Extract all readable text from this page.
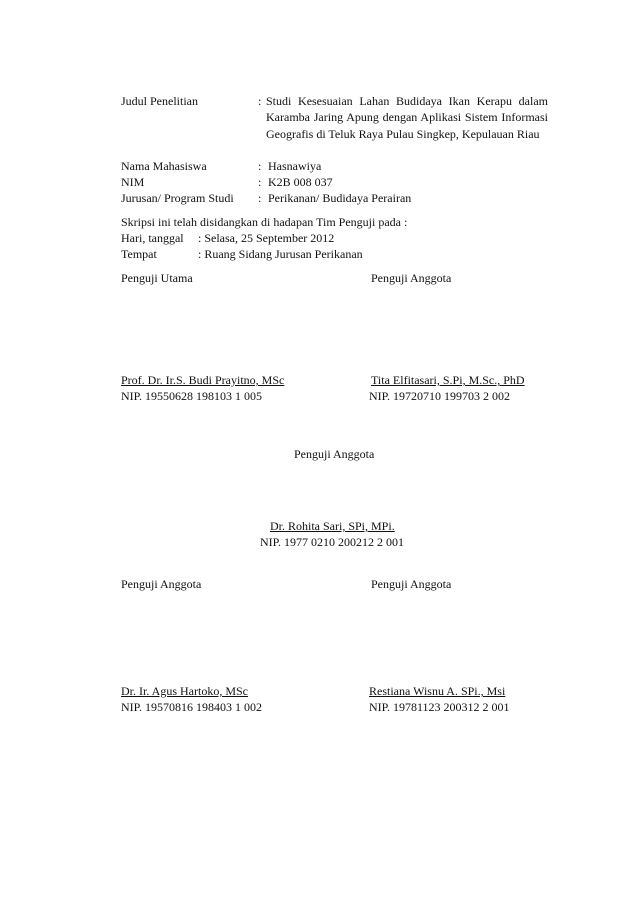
Judul Penelitian	: Studi Kesesuaian Lahan Budidaya Ikan Kerapu dalam Karamba Jaring Apung dengan Aplikasi Sistem Informasi Geografis di Teluk Raya Pulau Singkep, Kepulauan Riau
Nama Mahasiswa	: Hasnawiya
NIM	: K2B 008 037
Jurusan/ Program Studi : Perikanan/ Budidaya Perairan
Skripsi ini telah disidangkan di hadapan Tim Penguji pada :
Hari, tanggal : Selasa, 25 September 2012
Tempat	: Ruang Sidang Jurusan Perikanan
Penguji Utama
Prof. Dr. Ir.S. Budi Prayitno, MSc
NIP. 19550628 198103 1 005
Penguji Anggota
Tita Elfitasari, S.Pi, M.Sc., PhD
NIP. 19720710 199703 2 002
Penguji Anggota
Dr. Rohita Sari, SPi, MPi.
NIP. 1977 0210 200212 2 001
Penguji Anggota
Dr. Ir. Agus Hartoko, MSc
NIP. 19570816 198403 1 002
Penguji Anggota
Restiana Wisnu A. SPi., Msi
NIP. 19781123 200312 2 001
